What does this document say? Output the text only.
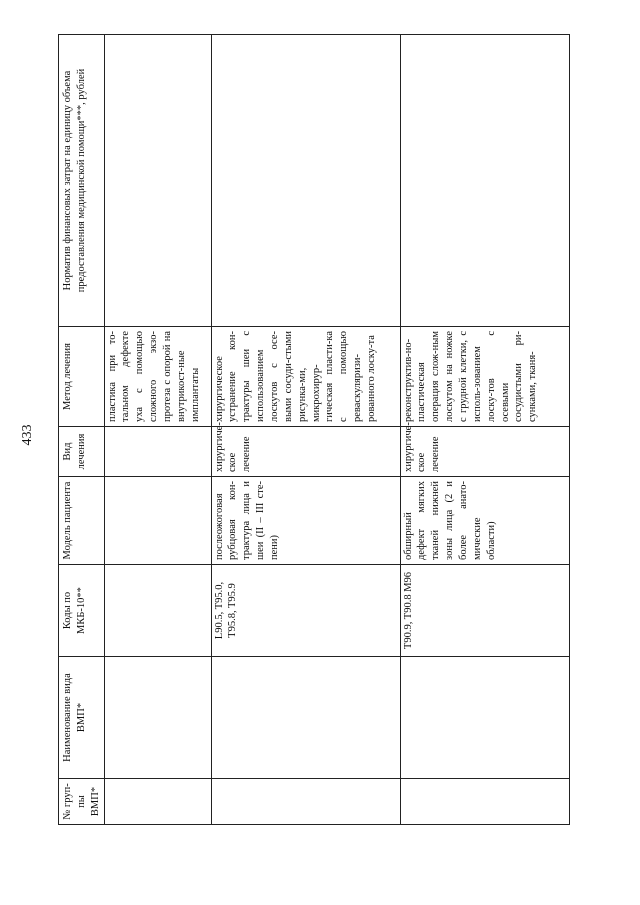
433
№ груп-пы ВМП*	Наименование вида ВМП*	Коды по МКБ-10**	Модель пациента	Вид лечения	Метод лечения	Норматив финансовых затрат на единицу объема предоставления медицинской помощи***, рублей
					пластика при то-тальном дефекте уха с помощью сложного экзо-протеза с опорой на внутрикост-ные имплантаты	
		L90.5, T95.0, T95.8, T95.9	послеожоговая рубцовая кон-трактура лица и шеи (II – III сте-пени)	хирургиче-ское лечение	хирургическое устранение кон-трактуры шеи с использованием лоскутов с осе-выми сосуди-стыми рисунка-ми, микрохирур-гическая пласти-ка с помощью реваскуляризи-рованного лоску-та	
		T90.9, T90.8 M96	обширный дефект мягких тканей нижней зоны лица (2 и более анато-мические области)	хирургиче-ское лечение	реконструктив-но-пластическая операция слож-ным лоскутом на ножке с грудной клетки, с исполь-зованием лоску-тов с осевыми сосудистыми ри-сунками, тканя-	
